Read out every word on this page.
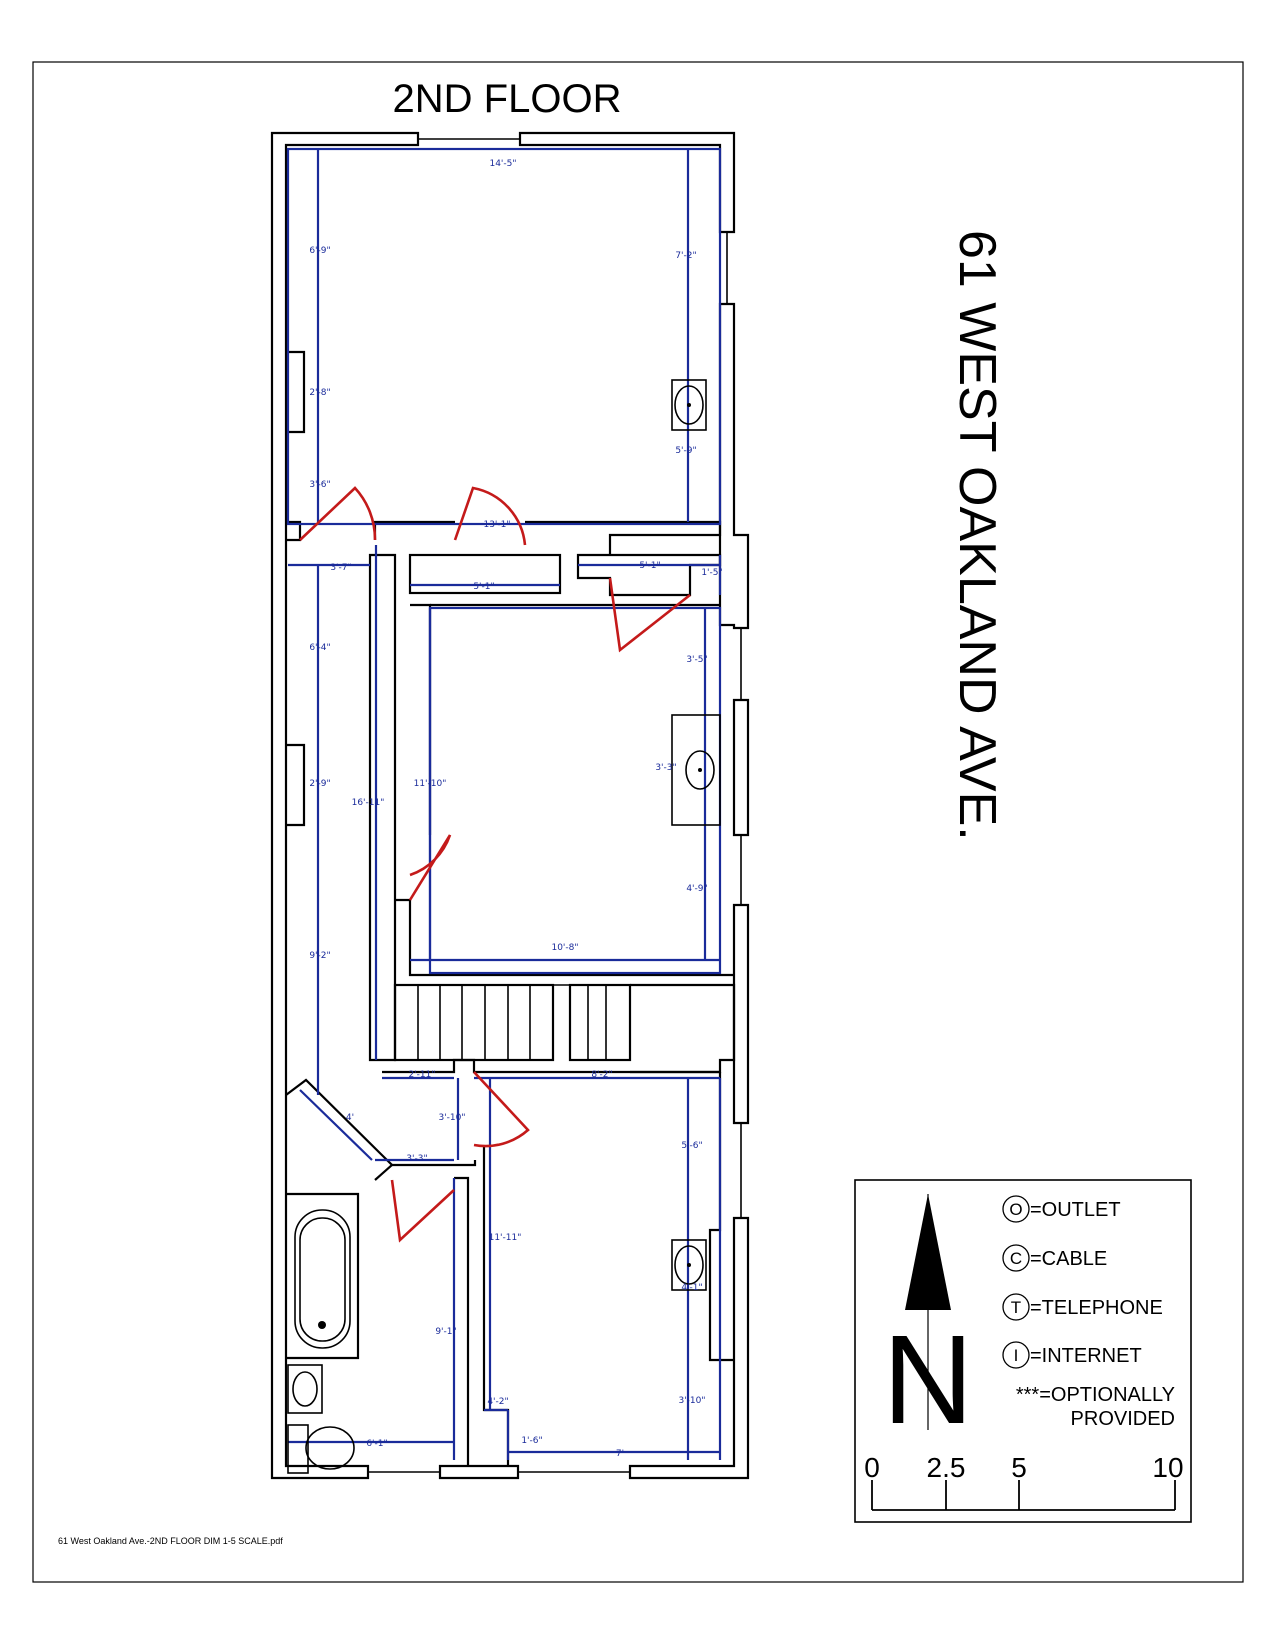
2ND FLOOR
61 WEST OAKLAND AVE.
14'-5"
6'-9"	7'-2"
2'-8"
5'-9"
3'-6"
13'-1"
3'-7"
5'-1"
5'-1"
1'-5"
6'-4"
3'-5"
3'-3"
2'-9"	11'-10"
16'-11"
4'-9"
10'-8"
9'-2"
2'-11"	8'-2"
4'	3'-10"
5'-6"
3'-3"
11'-11"
4'-1"
9'-1"
4'-2"	3'-10"
1'-6"
6'-1"
7'
N
O =OUTLET
C =CABLE
T =TELEPHONE
I =INTERNET
***=OPTIONALLY
PROVIDED
0 2.5 5	10
61 West Oakland Ave.-2ND FLOOR DIM 1-5 SCALE.pdf
